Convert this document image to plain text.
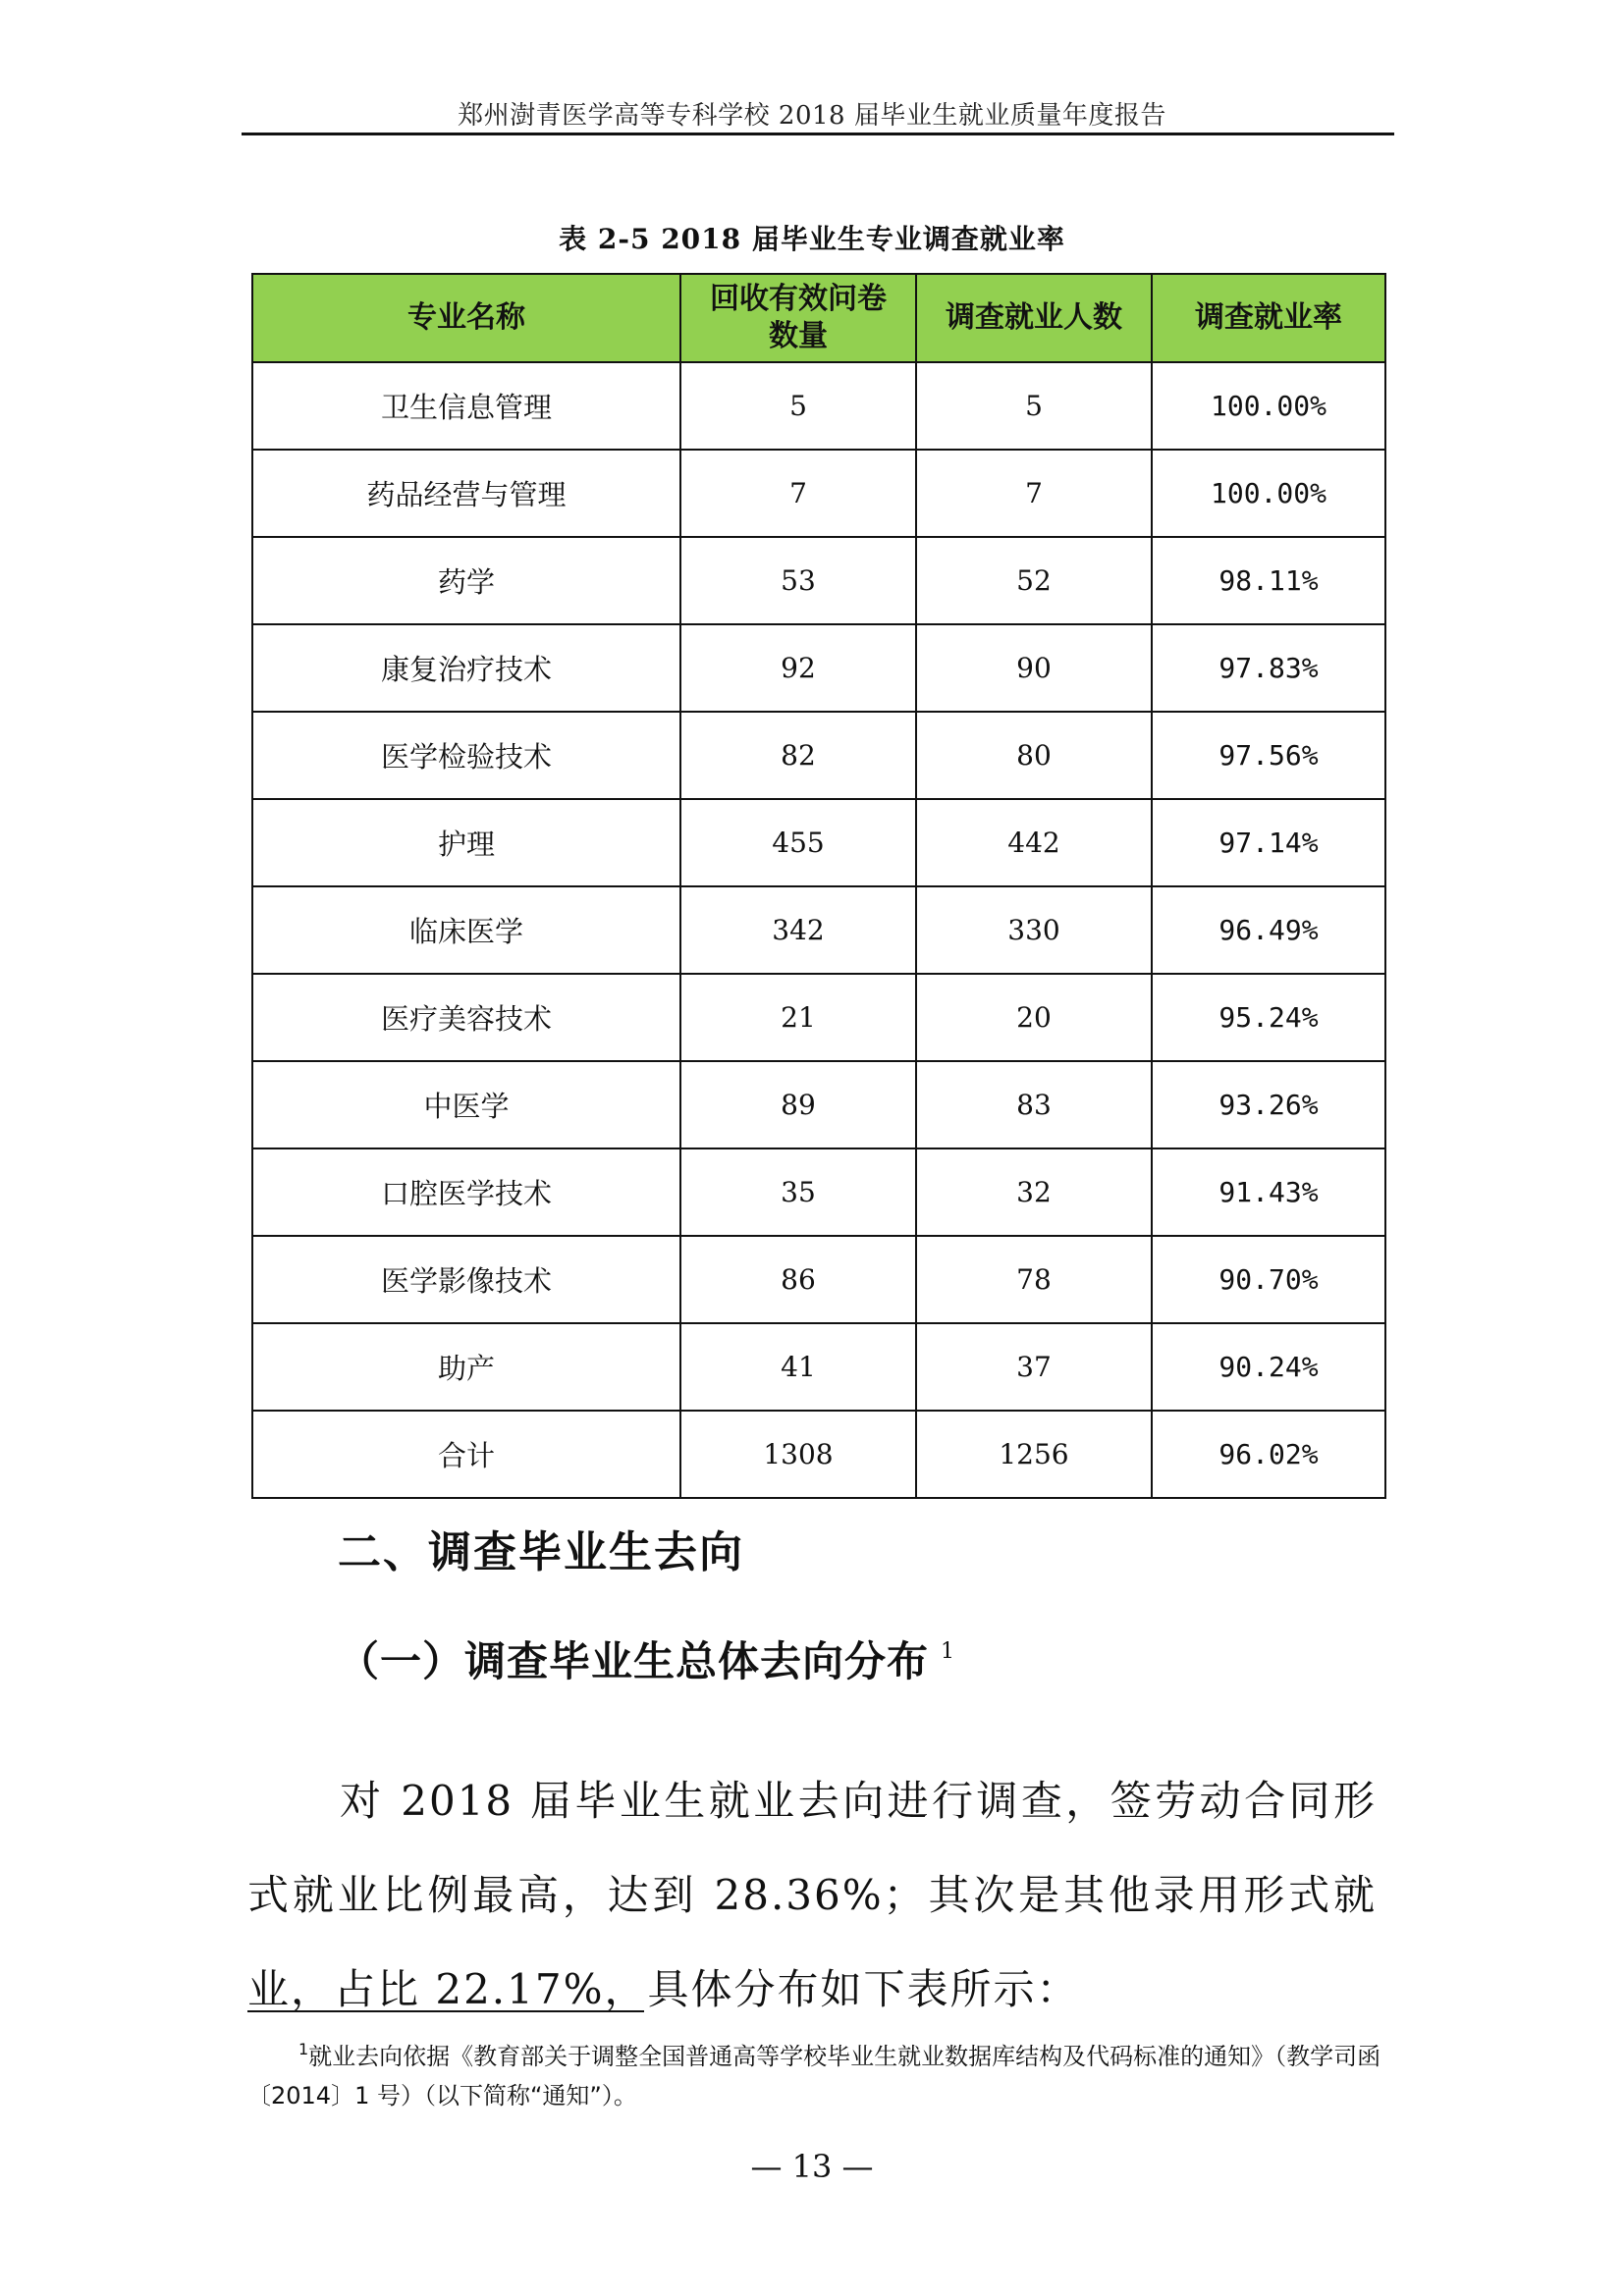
郑州澍青医学高等专科学校 2018 届毕业生就业质量年度报告
表 2-5 2018 届毕业生专业调查就业率
专业名称	回收有效问卷数量	调查就业人数	调查就业率
卫生信息管理	5	5	100.00%
药品经营与管理	7	7	100.00%
药学	53	52	98.11%
康复治疗技术	92	90	97.83%
医学检验技术	82	80	97.56%
护理	455	442	97.14%
临床医学	342	330	96.49%
医疗美容技术	21	20	95.24%
中医学	89	83	93.26%
口腔医学技术	35	32	91.43%
医学影像技术	86	78	90.70%
助产	41	37	90.24%
合计	1308	1256	96.02%
二、调查毕业生去向
（一）调查毕业生总体去向分布 $^1$
对 2018 届毕业生就业去向进行调查，签劳动合同形式就业比例最高，达到 28.36%；其次是其他录用形式就业，占比 22.17%，具体分布如下表所示：
$^1$就业去向依据《教育部关于调整全国普通高等学校毕业生就业数据库结构及代码标准的通知》（教学司函〔2014〕1 号）（以下简称“通知”）。
— 13 —
